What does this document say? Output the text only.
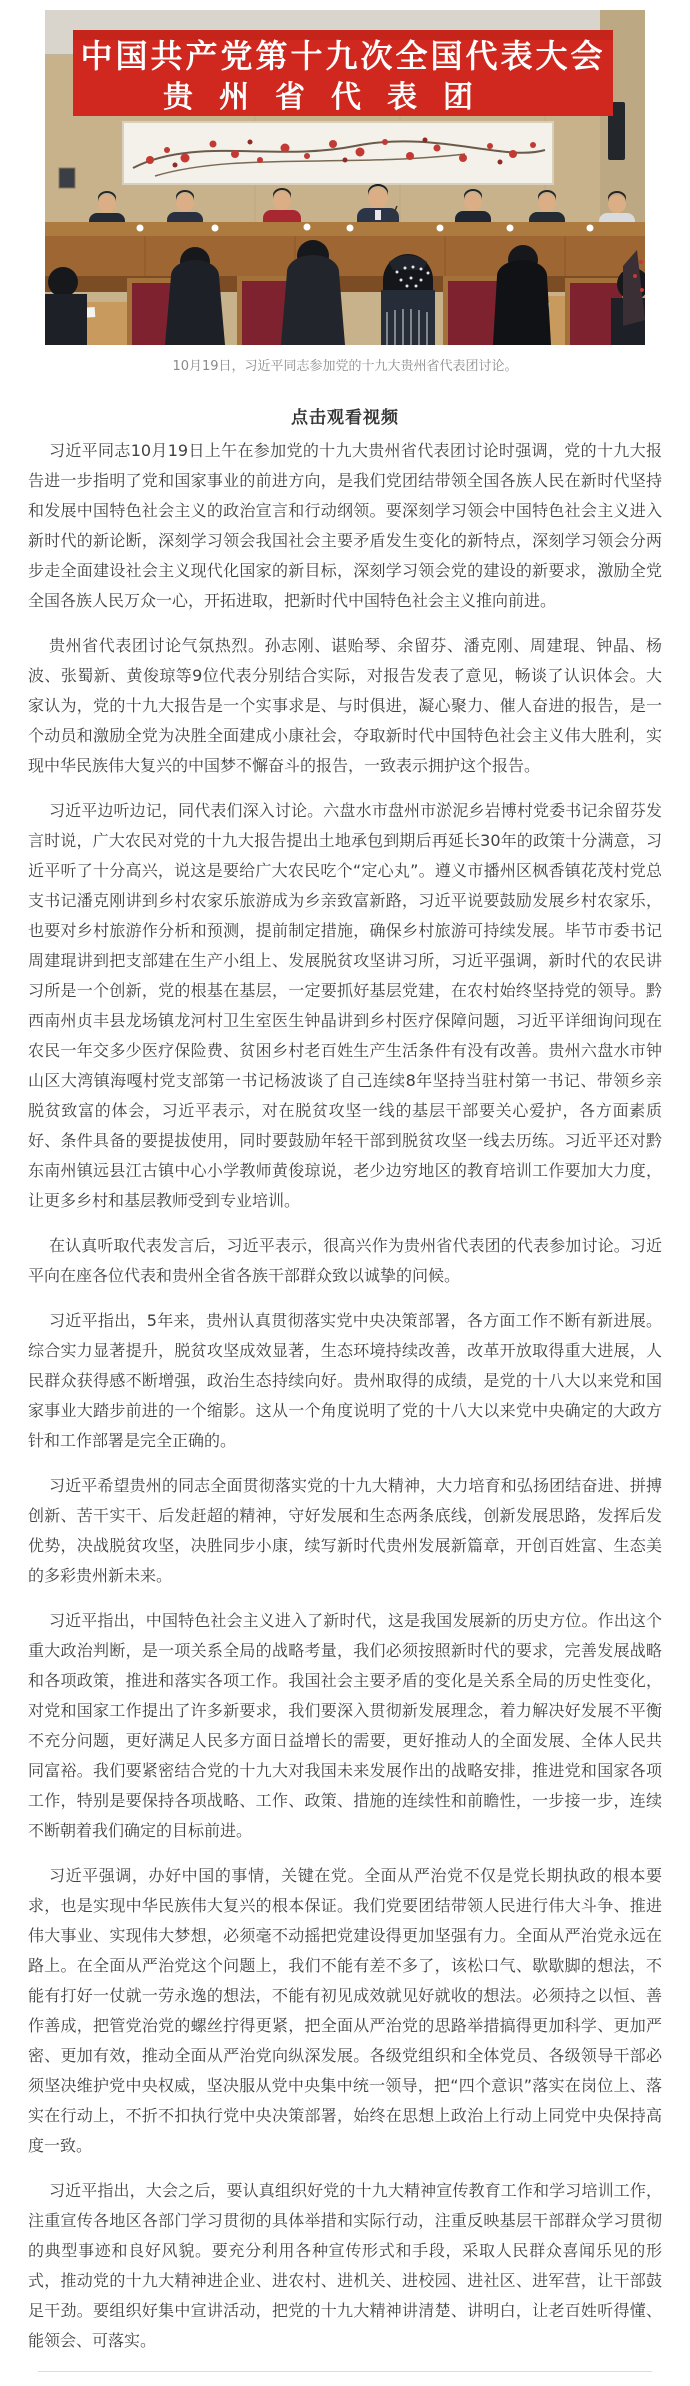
中国共产党第十九次全国代表大会
贵州省代表团
10月19日，习近平同志参加党的十九大贵州省代表团讨论。
点击观看视频

习近平同志10月19日上午在参加党的十九大贵州省代表团讨论时强调，党的十九大报告进一步指明了党和国家事业的前进方向，是我们党团结带领全国各族人民在新时代坚持和发展中国特色社会主义的政治宣言和行动纲领。要深刻学习领会中国特色社会主义进入新时代的新论断，深刻学习领会我国社会主要矛盾发生变化的新特点，深刻学习领会分两步走全面建设社会主义现代化国家的新目标，深刻学习领会党的建设的新要求，激励全党全国各族人民万众一心，开拓进取，把新时代中国特色社会主义推向前进。

贵州省代表团讨论气氛热烈。孙志刚、谌贻琴、余留芬、潘克刚、周建琨、钟晶、杨波、张蜀新、黄俊琼等9位代表分别结合实际，对报告发表了意见，畅谈了认识体会。大家认为，党的十九大报告是一个实事求是、与时俱进，凝心聚力、催人奋进的报告，是一个动员和激励全党为决胜全面建成小康社会，夺取新时代中国特色社会主义伟大胜利，实现中华民族伟大复兴的中国梦不懈奋斗的报告，一致表示拥护这个报告。

习近平边听边记，同代表们深入讨论。六盘水市盘州市淤泥乡岩博村党委书记余留芬发言时说，广大农民对党的十九大报告提出土地承包到期后再延长30年的政策十分满意，习近平听了十分高兴，说这是要给广大农民吃个“定心丸”。遵义市播州区枫香镇花茂村党总支书记潘克刚讲到乡村农家乐旅游成为乡亲致富新路，习近平说要鼓励发展乡村农家乐，也要对乡村旅游作分析和预测，提前制定措施，确保乡村旅游可持续发展。毕节市委书记周建琨讲到把支部建在生产小组上、发展脱贫攻坚讲习所，习近平强调，新时代的农民讲习所是一个创新，党的根基在基层，一定要抓好基层党建，在农村始终坚持党的领导。黔西南州贞丰县龙场镇龙河村卫生室医生钟晶讲到乡村医疗保障问题，习近平详细询问现在农民一年交多少医疗保险费、贫困乡村老百姓生产生活条件有没有改善。贵州六盘水市钟山区大湾镇海嘎村党支部第一书记杨波谈了自己连续8年坚持当驻村第一书记、带领乡亲脱贫致富的体会，习近平表示，对在脱贫攻坚一线的基层干部要关心爱护，各方面素质好、条件具备的要提拔使用，同时要鼓励年轻干部到脱贫攻坚一线去历练。习近平还对黔东南州镇远县江古镇中心小学教师黄俊琼说，老少边穷地区的教育培训工作要加大力度，让更多乡村和基层教师受到专业培训。

在认真听取代表发言后，习近平表示，很高兴作为贵州省代表团的代表参加讨论。习近平向在座各位代表和贵州全省各族干部群众致以诚挚的问候。

习近平指出，5年来，贵州认真贯彻落实党中央决策部署，各方面工作不断有新进展。综合实力显著提升，脱贫攻坚成效显著，生态环境持续改善，改革开放取得重大进展，人民群众获得感不断增强，政治生态持续向好。贵州取得的成绩，是党的十八大以来党和国家事业大踏步前进的一个缩影。这从一个角度说明了党的十八大以来党中央确定的大政方针和工作部署是完全正确的。

习近平希望贵州的同志全面贯彻落实党的十九大精神，大力培育和弘扬团结奋进、拼搏创新、苦干实干、后发赶超的精神，守好发展和生态两条底线，创新发展思路，发挥后发优势，决战脱贫攻坚，决胜同步小康，续写新时代贵州发展新篇章，开创百姓富、生态美的多彩贵州新未来。

习近平指出，中国特色社会主义进入了新时代，这是我国发展新的历史方位。作出这个重大政治判断，是一项关系全局的战略考量，我们必须按照新时代的要求，完善发展战略和各项政策，推进和落实各项工作。我国社会主要矛盾的变化是关系全局的历史性变化，对党和国家工作提出了许多新要求，我们要深入贯彻新发展理念，着力解决好发展不平衡不充分问题，更好满足人民多方面日益增长的需要，更好推动人的全面发展、全体人民共同富裕。我们要紧密结合党的十九大对我国未来发展作出的战略安排，推进党和国家各项工作，特别是要保持各项战略、工作、政策、措施的连续性和前瞻性，一步接一步，连续不断朝着我们确定的目标前进。

习近平强调，办好中国的事情，关键在党。全面从严治党不仅是党长期执政的根本要求，也是实现中华民族伟大复兴的根本保证。我们党要团结带领人民进行伟大斗争、推进伟大事业、实现伟大梦想，必须毫不动摇把党建设得更加坚强有力。全面从严治党永远在路上。在全面从严治党这个问题上，我们不能有差不多了，该松口气、歇歇脚的想法，不能有打好一仗就一劳永逸的想法，不能有初见成效就见好就收的想法。必须持之以恒、善作善成，把管党治党的螺丝拧得更紧，把全面从严治党的思路举措搞得更加科学、更加严密、更加有效，推动全面从严治党向纵深发展。各级党组织和全体党员、各级领导干部必须坚决维护党中央权威，坚决服从党中央集中统一领导，把“四个意识”落实在岗位上、落实在行动上，不折不扣执行党中央决策部署，始终在思想上政治上行动上同党中央保持高度一致。

习近平指出，大会之后，要认真组织好党的十九大精神宣传教育工作和学习培训工作，注重宣传各地区各部门学习贯彻的具体举措和实际行动，注重反映基层干部群众学习贯彻的典型事迹和良好风貌。要充分利用各种宣传形式和手段，采取人民群众喜闻乐见的形式，推动党的十九大精神进企业、进农村、进机关、进校园、进社区、进军营，让干部鼓足干劲。要组织好集中宣讲活动，把党的十九大精神讲清楚、讲明白，让老百姓听得懂、能领会、可落实。
